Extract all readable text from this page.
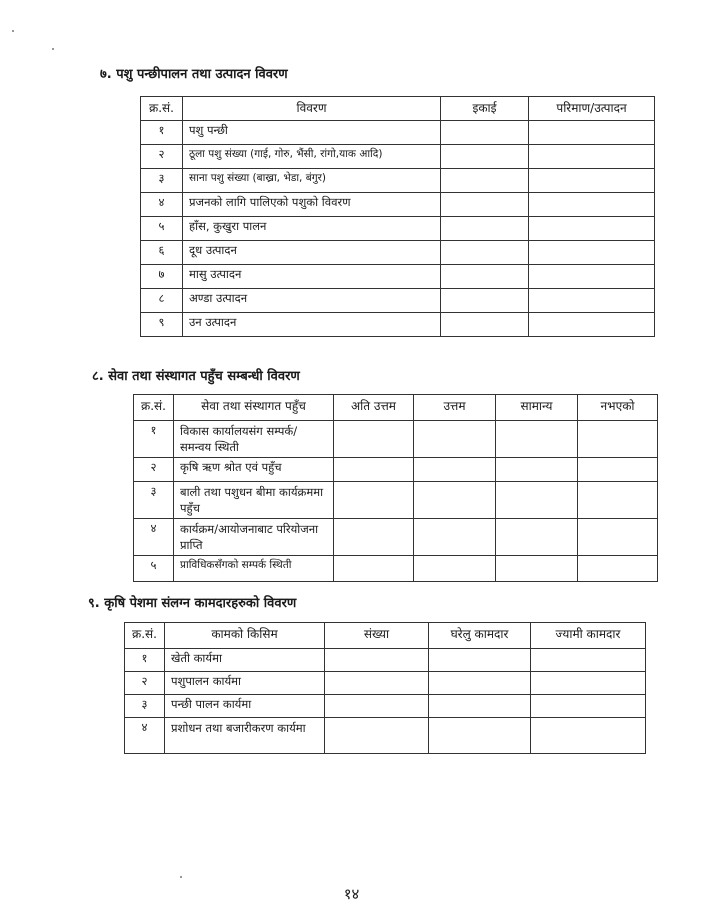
७. पशु पन्छीपालन तथा उत्पादन विवरण
क्र.सं.	विवरण	इकाई	परिमाण/उत्पादन
१	पशु पन्छी		
२	ठूला पशु संख्या (गाई, गोरु, भैंसी, रांगो,याक आदि)		
३	साना पशु संख्या (बाख्रा, भेडा, बंगुर)		
४	प्रजनको लागि पालिएको पशुको विवरण		
५	हाँस, कुखुरा पालन		
६	दूध उत्पादन		
७	मासु उत्पादन		
८	अण्डा उत्पादन		
९	उन उत्पादन		
८. सेवा तथा संस्थागत पहुँच सम्बन्धी विवरण
क्र.सं.	सेवा तथा संस्थागत पहुँच	अति उत्तम	उत्तम	सामान्य	नभएको
१	विकास कार्यालयसंग सम्पर्क/समन्वय स्थिती				
२	कृषि ऋण श्रोत एवं पहुँच				
३	बाली तथा पशुधन बीमा कार्यक्रममा पहुँच				
४	कार्यक्रम/आयोजनाबाट परियोजना प्राप्ति				
५	प्राविधिकसँगको सम्पर्क स्थिती				
९. कृषि पेशमा संलग्न कामदारहरुको विवरण
क्र.सं.	कामको किसिम	संख्या	घरेलु कामदार	ज्यामी कामदार
१	खेती कार्यमा			
२	पशुपालन कार्यमा			
३	पन्छी पालन कार्यमा			
४	प्रशोधन तथा बजारीकरण कार्यमा			
१४
